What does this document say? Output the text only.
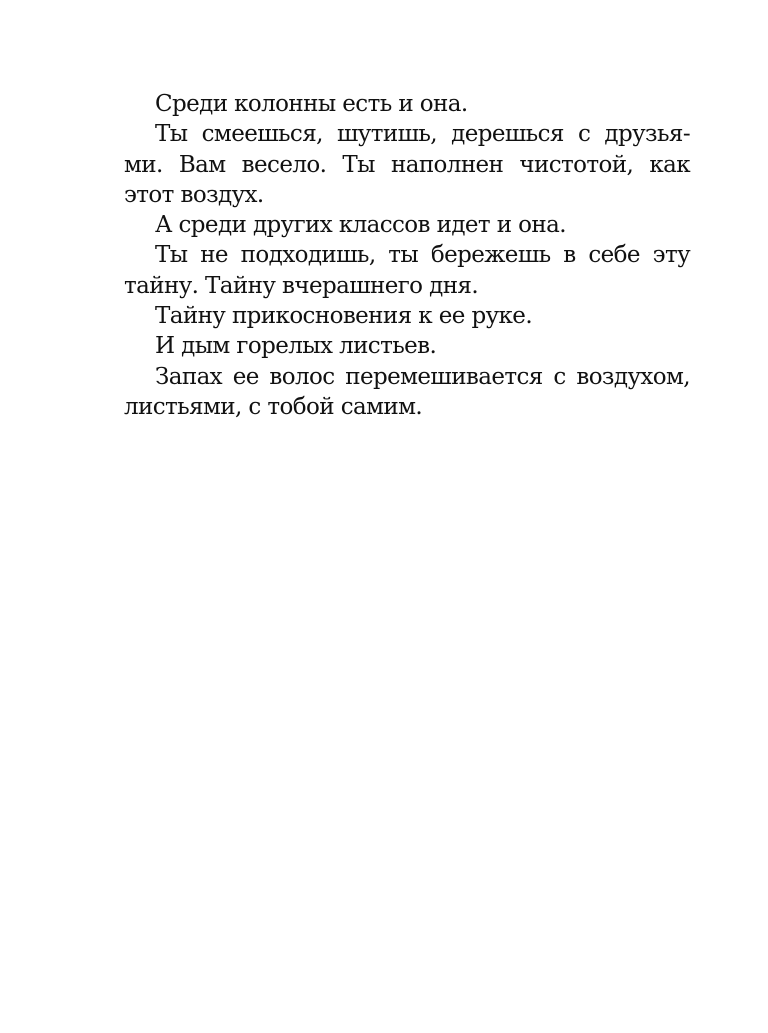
Среди колонны есть и она.

Ты смеешься, шутишь, дерешься с друзья-ми. Вам весело. Ты наполнен чистотой, как этот воздух.

А среди других классов идет и она.

Ты не подходишь, ты бережешь в себе эту тайну. Тайну вчерашнего дня.

Тайну прикосновения к ее руке.

И дым горелых листьев.

Запах ее волос перемешивается с воздухом, листьями, с тобой самим.
